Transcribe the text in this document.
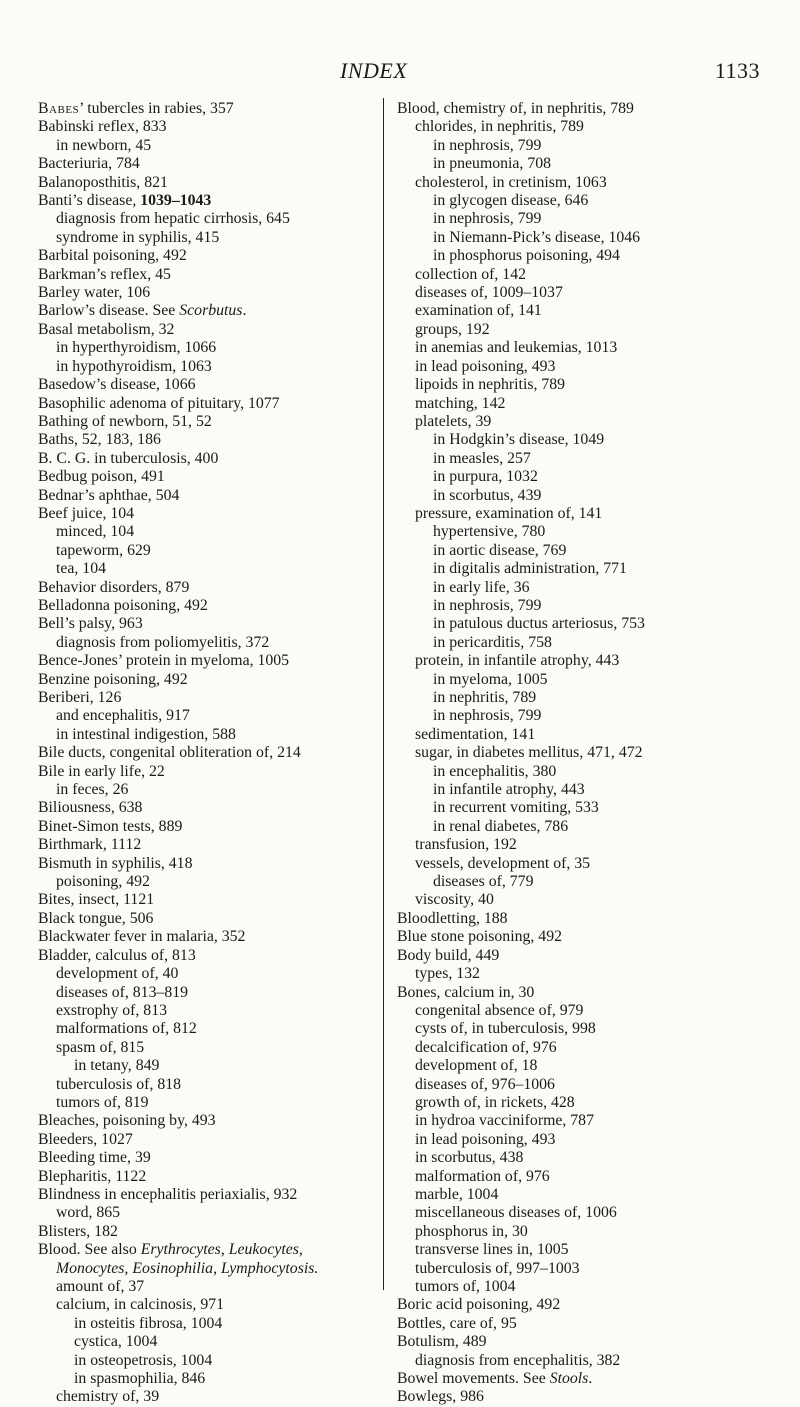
INDEX	1133
Babes’ tubercles in rabies, 357
Babinski reflex, 833
in newborn, 45
Bacteriuria, 784
Balanoposthitis, 821
Banti’s disease, 1039–1043
diagnosis from hepatic cirrhosis, 645
syndrome in syphilis, 415
Barbital poisoning, 492
Barkman’s reflex, 45
Barley water, 106
Barlow’s disease. See Scorbutus.
Basal metabolism, 32
in hyperthyroidism, 1066
in hypothyroidism, 1063
Basedow’s disease, 1066
Basophilic adenoma of pituitary, 1077
Bathing of newborn, 51, 52
Baths, 52, 183, 186
B. C. G. in tuberculosis, 400
Bedbug poison, 491
Bednar’s aphthae, 504
Beef juice, 104
minced, 104
tapeworm, 629
tea, 104
Behavior disorders, 879
Belladonna poisoning, 492
Bell’s palsy, 963
diagnosis from poliomyelitis, 372
Bence-Jones’ protein in myeloma, 1005
Benzine poisoning, 492
Beriberi, 126
and encephalitis, 917
in intestinal indigestion, 588
Bile ducts, congenital obliteration of, 214
Bile in early life, 22
in feces, 26
Biliousness, 638
Binet-Simon tests, 889
Birthmark, 1112
Bismuth in syphilis, 418
poisoning, 492
Bites, insect, 1121
Black tongue, 506
Blackwater fever in malaria, 352
Bladder, calculus of, 813
development of, 40
diseases of, 813–819
exstrophy of, 813
malformations of, 812
spasm of, 815
in tetany, 849
tuberculosis of, 818
tumors of, 819
Bleaches, poisoning by, 493
Bleeders, 1027
Bleeding time, 39
Blepharitis, 1122
Blindness in encephalitis periaxialis, 932
word, 865
Blisters, 182
Blood. See also Erythrocytes, Leukocytes,
Monocytes, Eosinophilia, Lymphocytosis.
amount of, 37
calcium, in calcinosis, 971
in osteitis fibrosa, 1004
cystica, 1004
in osteopetrosis, 1004
in spasmophilia, 846
chemistry of, 39
Blood, chemistry of, in nephritis, 789
chlorides, in nephritis, 789
in nephrosis, 799
in pneumonia, 708
cholesterol, in cretinism, 1063
in glycogen disease, 646
in nephrosis, 799
in Niemann-Pick’s disease, 1046
in phosphorus poisoning, 494
collection of, 142
diseases of, 1009–1037
examination of, 141
groups, 192
in anemias and leukemias, 1013
in lead poisoning, 493
lipoids in nephritis, 789
matching, 142
platelets, 39
in Hodgkin’s disease, 1049
in measles, 257
in purpura, 1032
in scorbutus, 439
pressure, examination of, 141
hypertensive, 780
in aortic disease, 769
in digitalis administration, 771
in early life, 36
in nephrosis, 799
in patulous ductus arteriosus, 753
in pericarditis, 758
protein, in infantile atrophy, 443
in myeloma, 1005
in nephritis, 789
in nephrosis, 799
sedimentation, 141
sugar, in diabetes mellitus, 471, 472
in encephalitis, 380
in infantile atrophy, 443
in recurrent vomiting, 533
in renal diabetes, 786
transfusion, 192
vessels, development of, 35
diseases of, 779
viscosity, 40
Bloodletting, 188
Blue stone poisoning, 492
Body build, 449
types, 132
Bones, calcium in, 30
congenital absence of, 979
cysts of, in tuberculosis, 998
decalcification of, 976
development of, 18
diseases of, 976–1006
growth of, in rickets, 428
in hydroa vacciniforme, 787
in lead poisoning, 493
in scorbutus, 438
malformation of, 976
marble, 1004
miscellaneous diseases of, 1006
phosphorus in, 30
transverse lines in, 1005
tuberculosis of, 997–1003
tumors of, 1004
Boric acid poisoning, 492
Bottles, care of, 95
Botulism, 489
diagnosis from encephalitis, 382
Bowel movements. See Stools.
Bowlegs, 986
